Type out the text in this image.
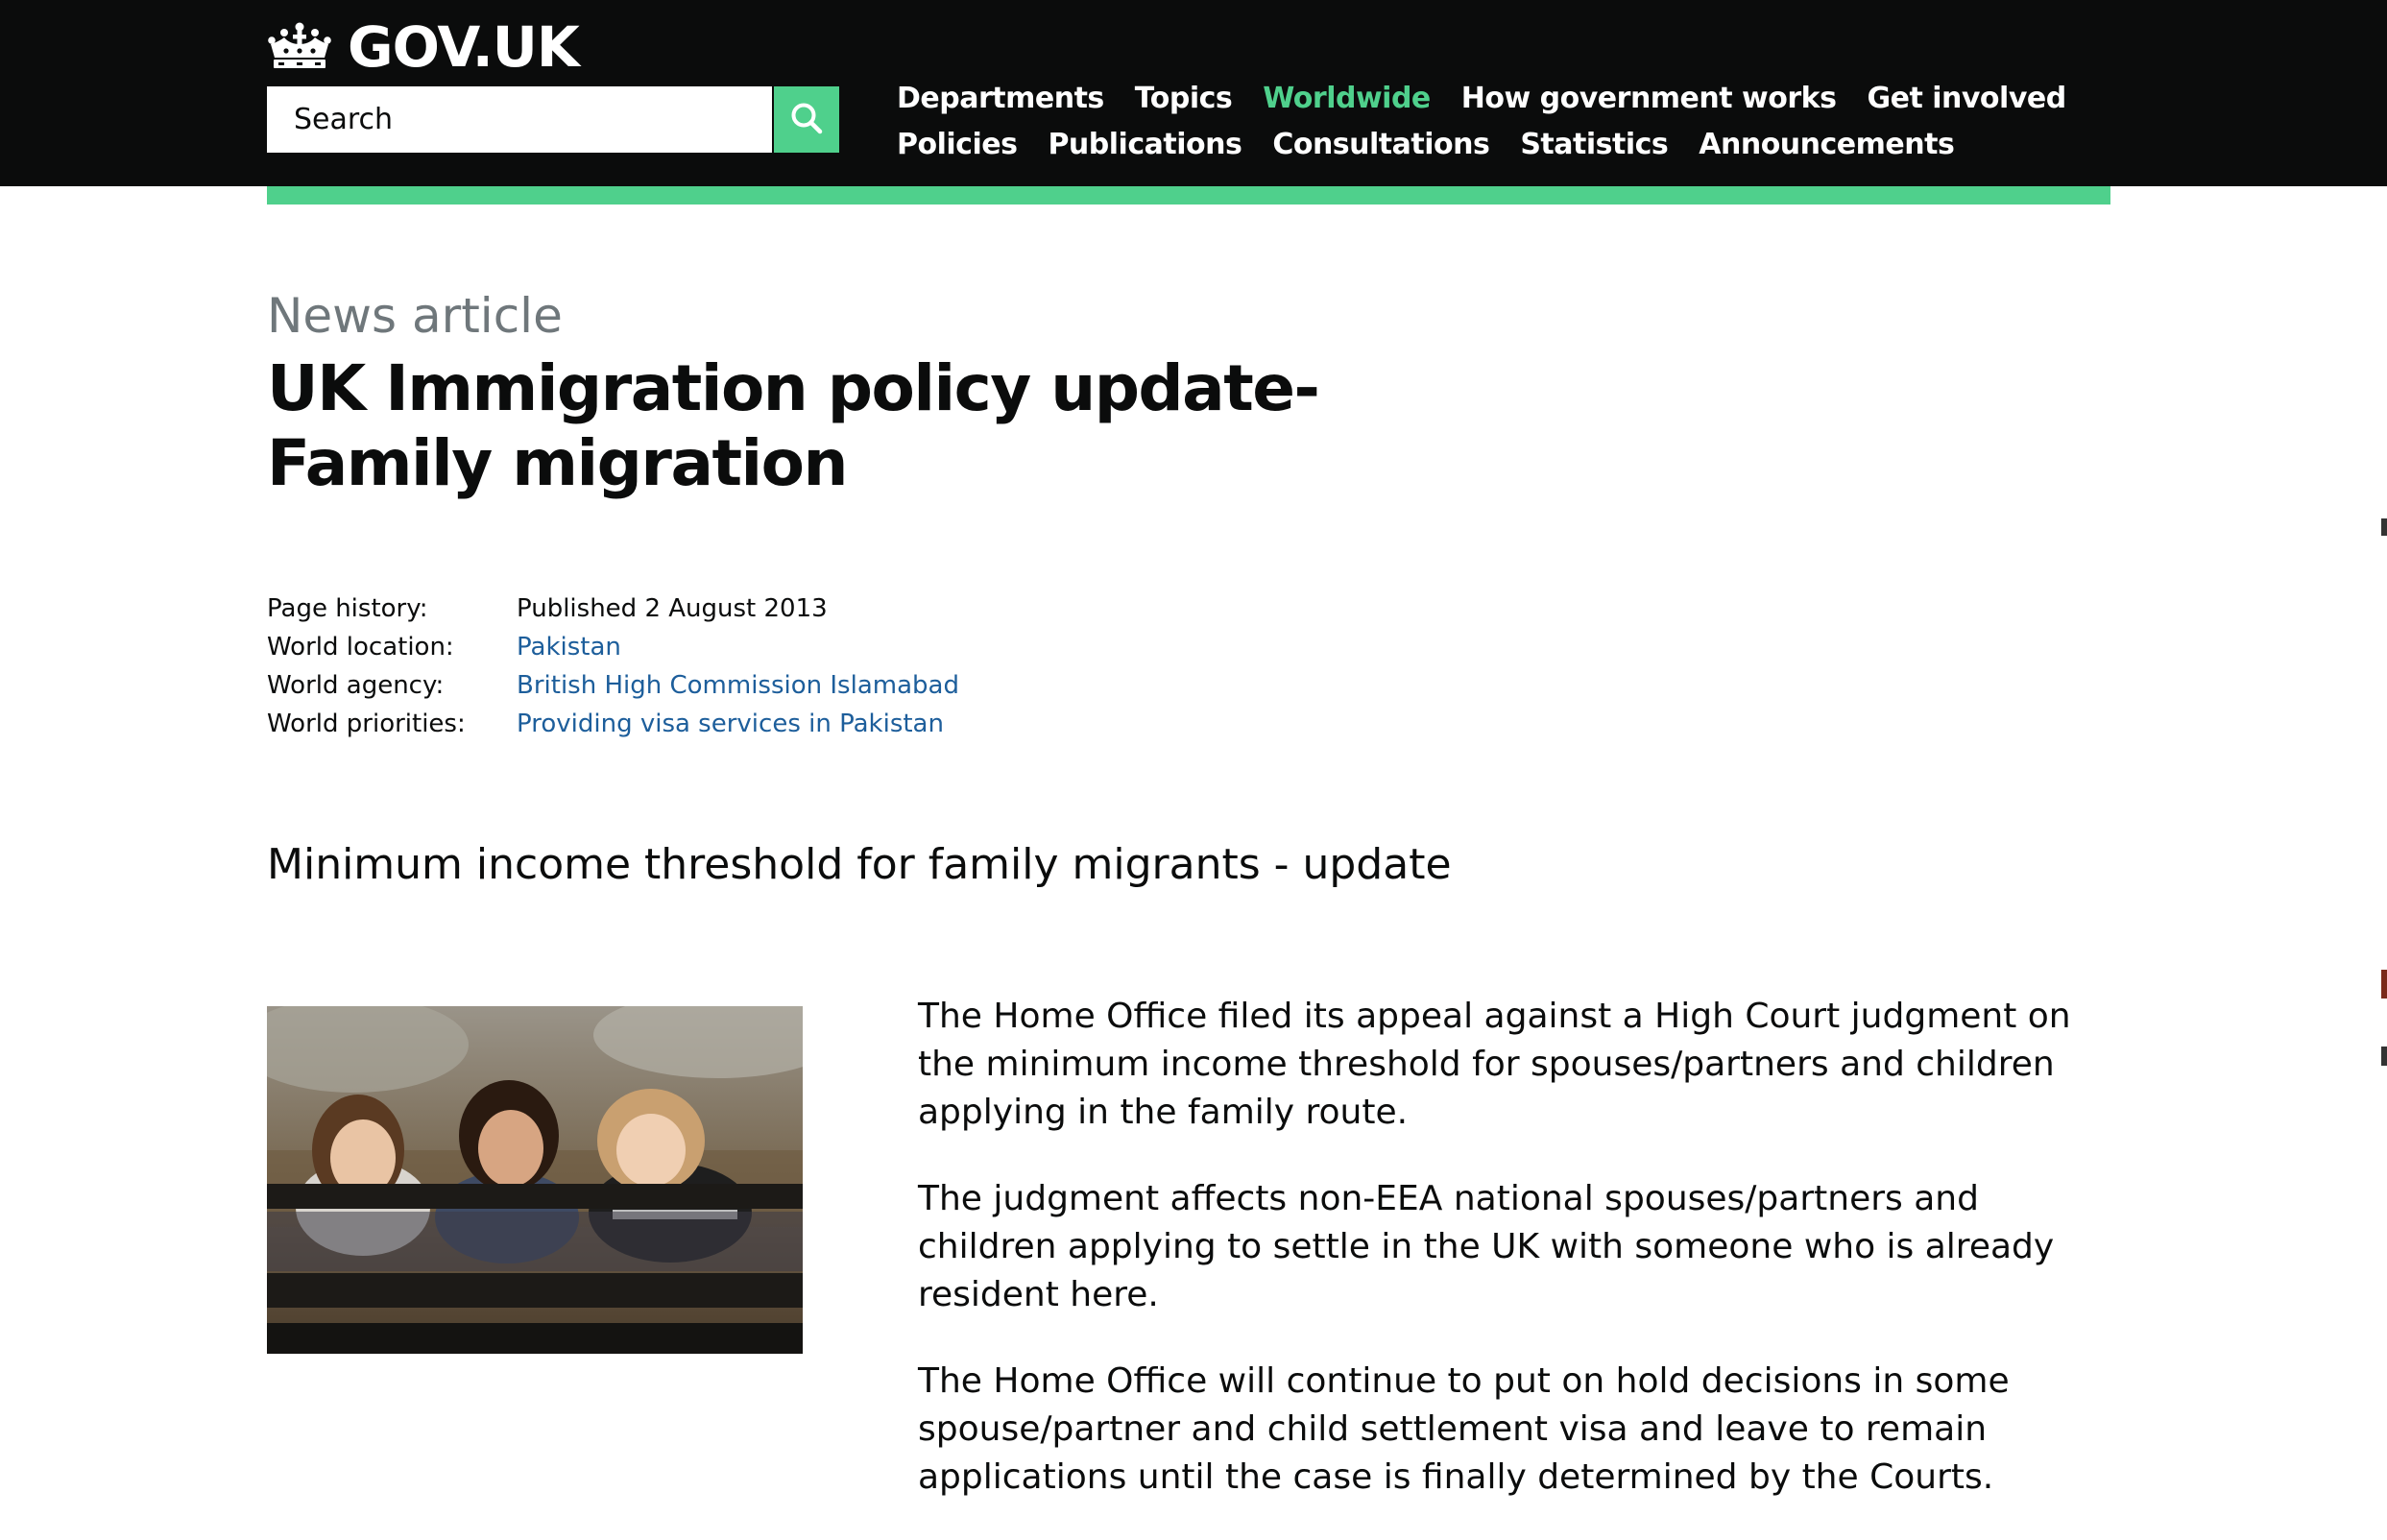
GOV.UK
Search
Departments Topics Worldwide How government works Get involved
Policies Publications Consultations Statistics Announcements
News article
UK Immigration policy update-Family migration
Page history:	Published 2 August 2013
World location:	Pakistan
World agency:	British High Commission Islamabad
World priorities:	Providing visa services in Pakistan
Minimum income threshold for family migrants - update

The Home Office filed its appeal against a High Court judgment on the minimum income threshold for spouses/partners and children applying in the family route.

The judgment affects non-EEA national spouses/partners and children applying to settle in the UK with someone who is already resident here.

The Home Office will continue to put on hold decisions in some spouse/partner and child settlement visa and leave to remain applications until the case is finally determined by the Courts.
